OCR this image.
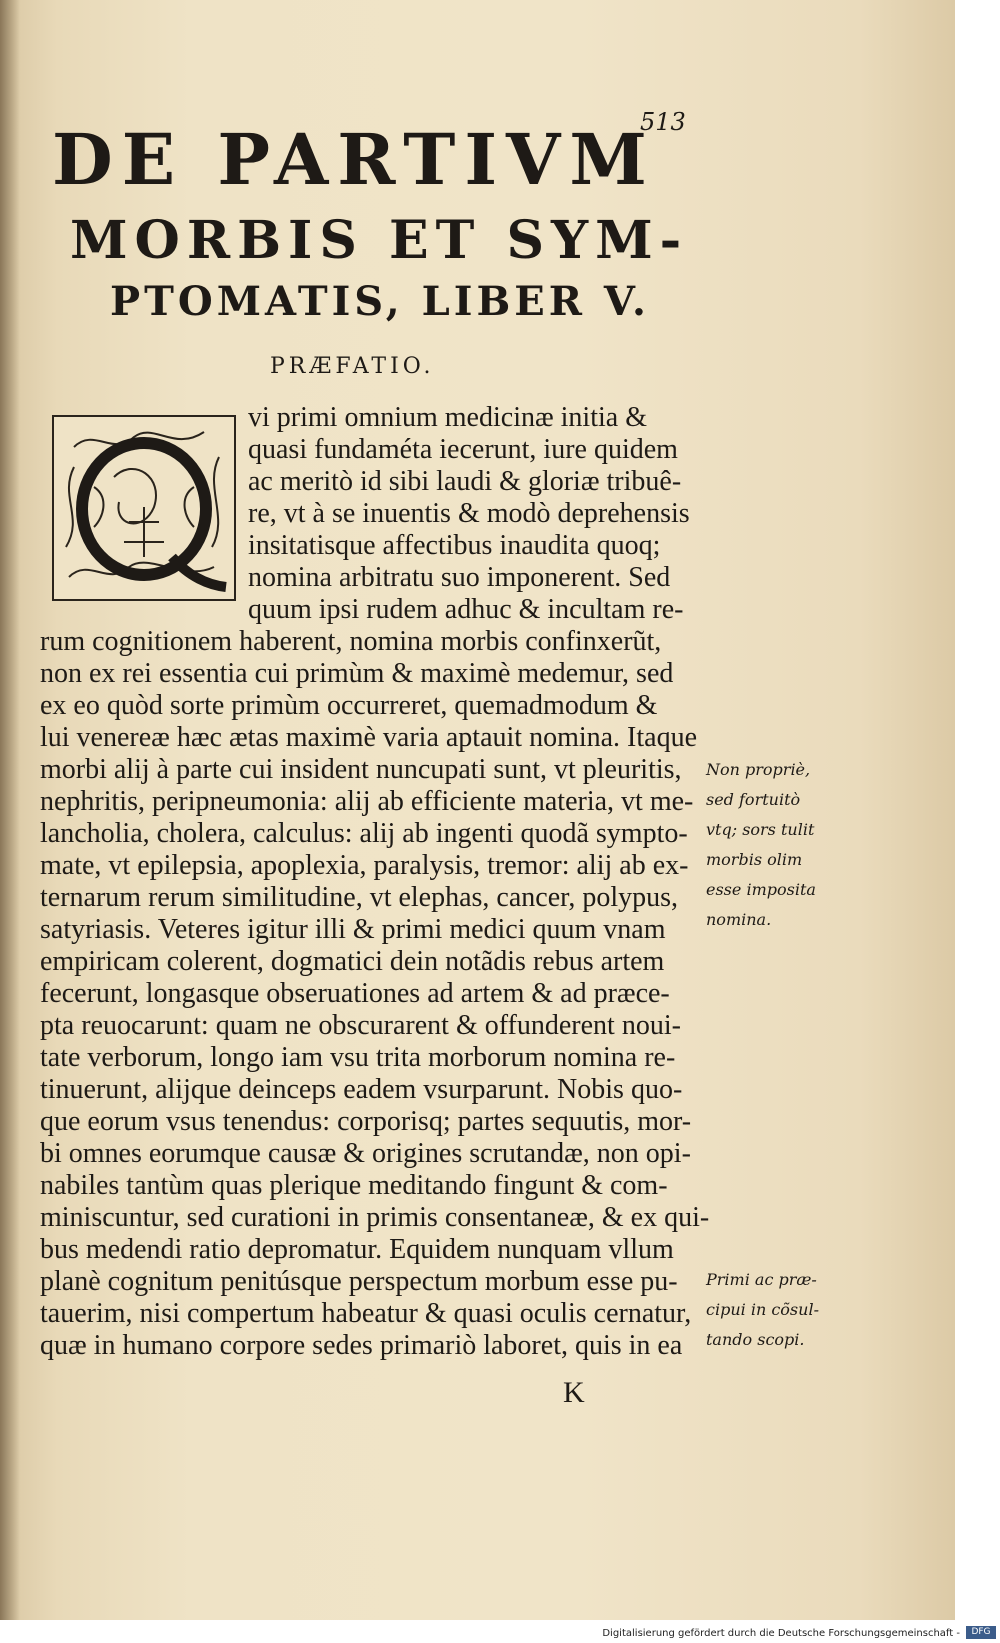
513
DE PARTIVM
MORBIS ET SYM-
PTOMATIS, LIBER V.
PRÆFATIO.

vi primi omnium medicinæ initia &

quasi fundaméta iecerunt, iure quidem

ac meritò id sibi laudi & gloriæ tribuê-

re, vt à se inuentis & modò deprehensis

insitatisque affectibus inaudita quoq;

nomina arbitratu suo imponerent. Sed

quum ipsi rudem adhuc & incultam re-

rum cognitionem haberent, nomina morbis confinxerũt,

non ex rei essentia cui primùm & maximè medemur, sed

ex eo quòd sorte primùm occurreret, quemadmodum &

lui venereæ hæc ætas maximè varia aptauit nomina. Itaque

morbi alij à parte cui insident nuncupati sunt, vt pleuritis,

nephritis, peripneumonia: alij ab efficiente materia, vt me-

lancholia, cholera, calculus: alij ab ingenti quodã sympto-

mate, vt epilepsia, apoplexia, paralysis, tremor: alij ab ex-

ternarum rerum similitudine, vt elephas, cancer, polypus,

satyriasis. Veteres igitur illi & primi medici quum vnam

empiricam colerent, dogmatici dein notãdis rebus artem

fecerunt, longasque obseruationes ad artem & ad præce-

pta reuocarunt: quam ne obscurarent & offunderent noui-

tate verborum, longo iam vsu trita morborum nomina re-

tinuerunt, alijque deinceps eadem vsurparunt. Nobis quo-

que eorum vsus tenendus: corporisq; partes sequutis, mor-

bi omnes eorumque causæ & origines scrutandæ, non opi-

nabiles tantùm quas plerique meditando fingunt & com-

miniscuntur, sed curationi in primis consentaneæ, & ex qui-

bus medendi ratio depromatur. Equidem nunquam vllum

planè cognitum penitúsque perspectum morbum esse pu-

tauerim, nisi compertum habeatur & quasi oculis cernatur,

quæ in humano corpore sedes primariò laboret, quis in ea

Non propriè,
sed fortuitò
vtq; sors tulit
morbis olim
esse imposita
nomina.
Primi ac præ-
cipui in cõsul-
tando scopi.
K
Digitalisierung gefördert durch die Deutsche Forschungsgemeinschaft -	DFG
